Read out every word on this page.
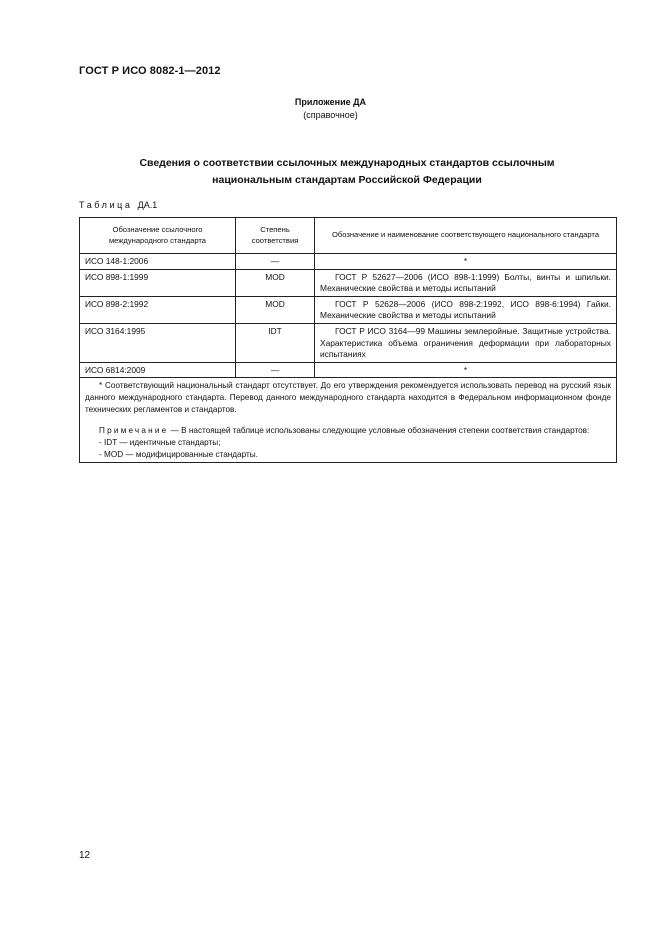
ГОСТ Р ИСО 8082-1—2012
Приложение ДА
(справочное)
Сведения о соответствии ссылочных международных стандартов ссылочным
национальным стандартам Российской Федерации
Таблица ДА.1
Обозначение ссылочного международного стандарта	Степень соответствия	Обозначение и наименование соответствующего национального стандарта
ИСО 148-1:2006	—	*
ИСО 898-1:1999	MOD	ГОСТ Р 52627—2006 (ИСО 898-1:1999) Болты, винты и шпильки. Механические свойства и методы испытаний
ИСО 898-2:1992	MOD	ГОСТ Р 52628—2006 (ИСО 898-2:1992, ИСО 898-6:1994) Гайки. Механические свойства и методы испытаний
ИСО 3164:1995	IDT	ГОСТ Р ИСО 3164—99 Машины землеройные. Защитные устройства. Характеристика объема ограничения деформации при лабораторных испытаниях
ИСО 6814:2009	—	*

* Соответствующий национальный стандарт отсутствует. До его утверждения рекомендуется использовать перевод на русский язык данного международного стандарта. Перевод данного международного стандарта находится в Федеральном информационном фонде технических регламентов и стандартов.

Примечание — В настоящей таблице использованы следующие условные обозначения степени соответствия стандартов:

- IDT — идентичные стандарты;

- MOD — модифицированные стандарты.		

12
